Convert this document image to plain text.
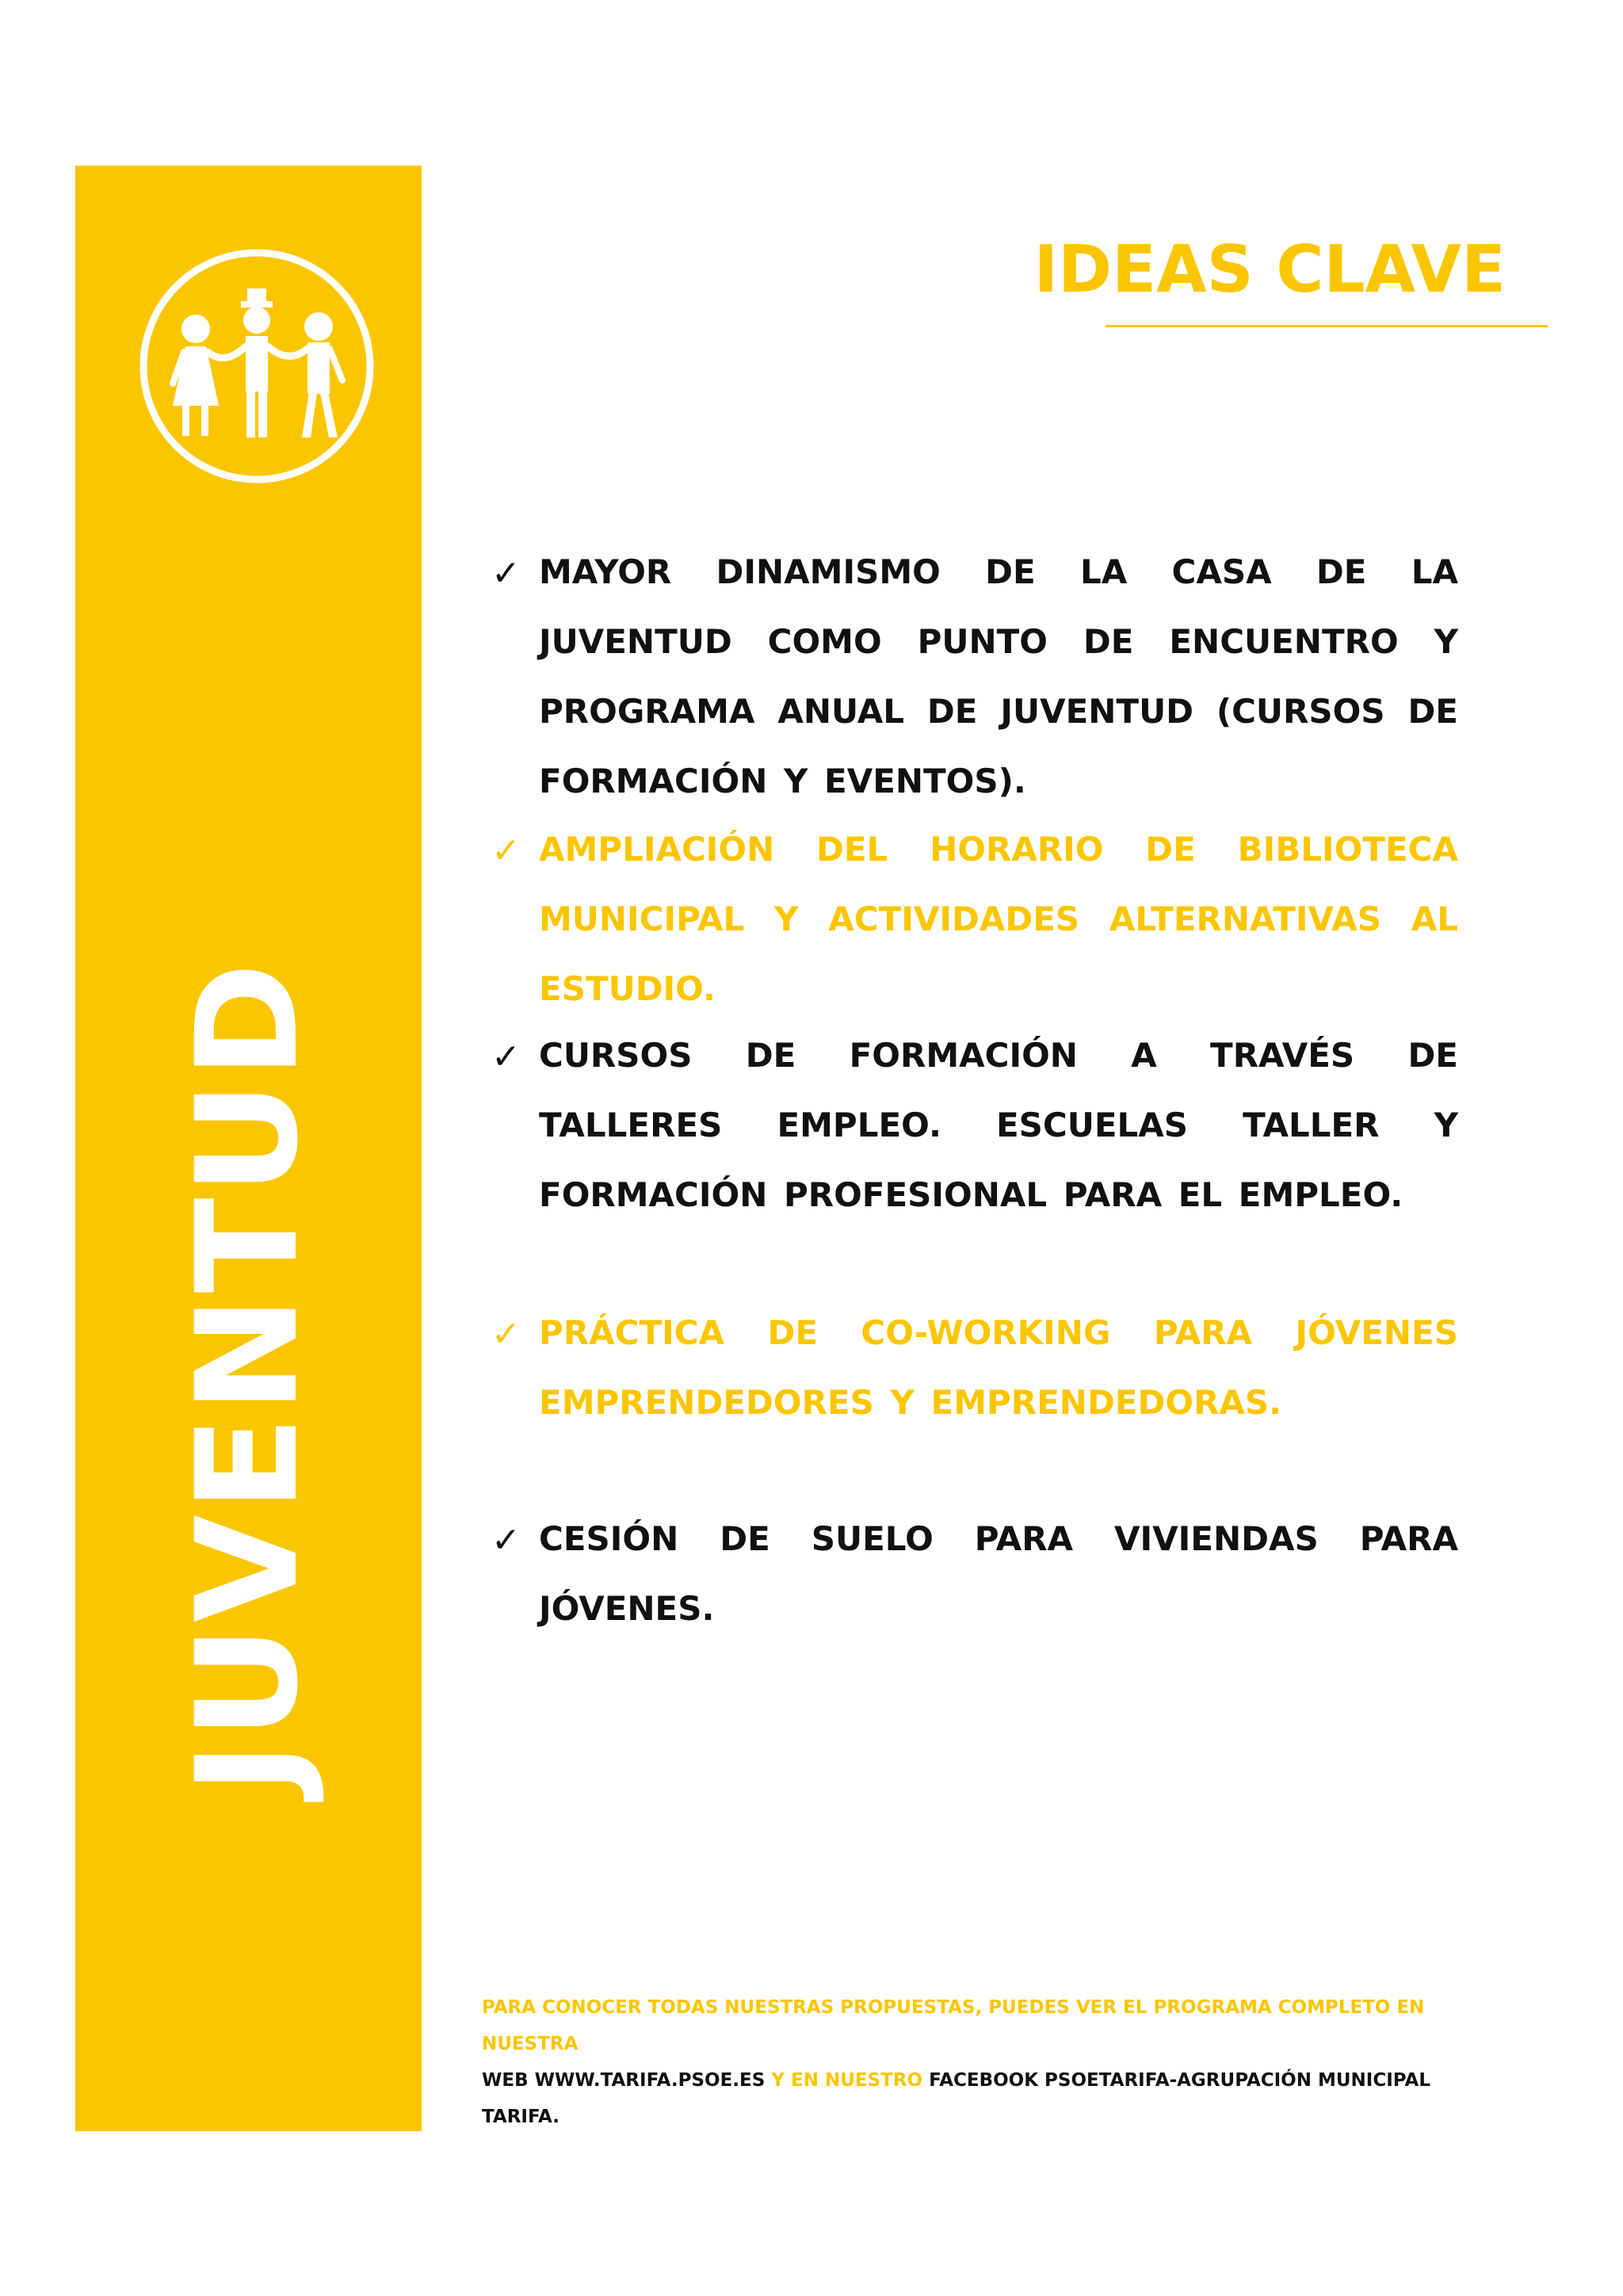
JUVENTUD
IDEAS CLAVE
✓ MAYOR DINAMISMO DE LA CASA DE LA JUVENTUD COMO PUNTO DE ENCUENTRO Y PROGRAMA ANUAL DE JUVENTUD (CURSOS DE FORMACIÓN Y EVENTOS).
✓ AMPLIACIÓN DEL HORARIO DE BIBLIOTECA MUNICIPAL Y ACTIVIDADES ALTERNATIVAS AL ESTUDIO.
✓ CURSOS DE FORMACIÓN A TRAVÉS DE TALLERES EMPLEO. ESCUELAS TALLER Y FORMACIÓN PROFESIONAL PARA EL EMPLEO.
✓ PRÁCTICA DE CO-WORKING PARA JÓVENES EMPRENDEDORES Y EMPRENDEDORAS.
✓ CESIÓN DE SUELO PARA VIVIENDAS PARA JÓVENES.
PARA CONOCER TODAS NUESTRAS PROPUESTAS, PUEDES VER EL PROGRAMA COMPLETO EN NUESTRA
WEB WWW.TARIFA.PSOE.ES Y EN NUESTRO FACEBOOK PSOETARIFA-AGRUPACIÓN MUNICIPAL TARIFA.
